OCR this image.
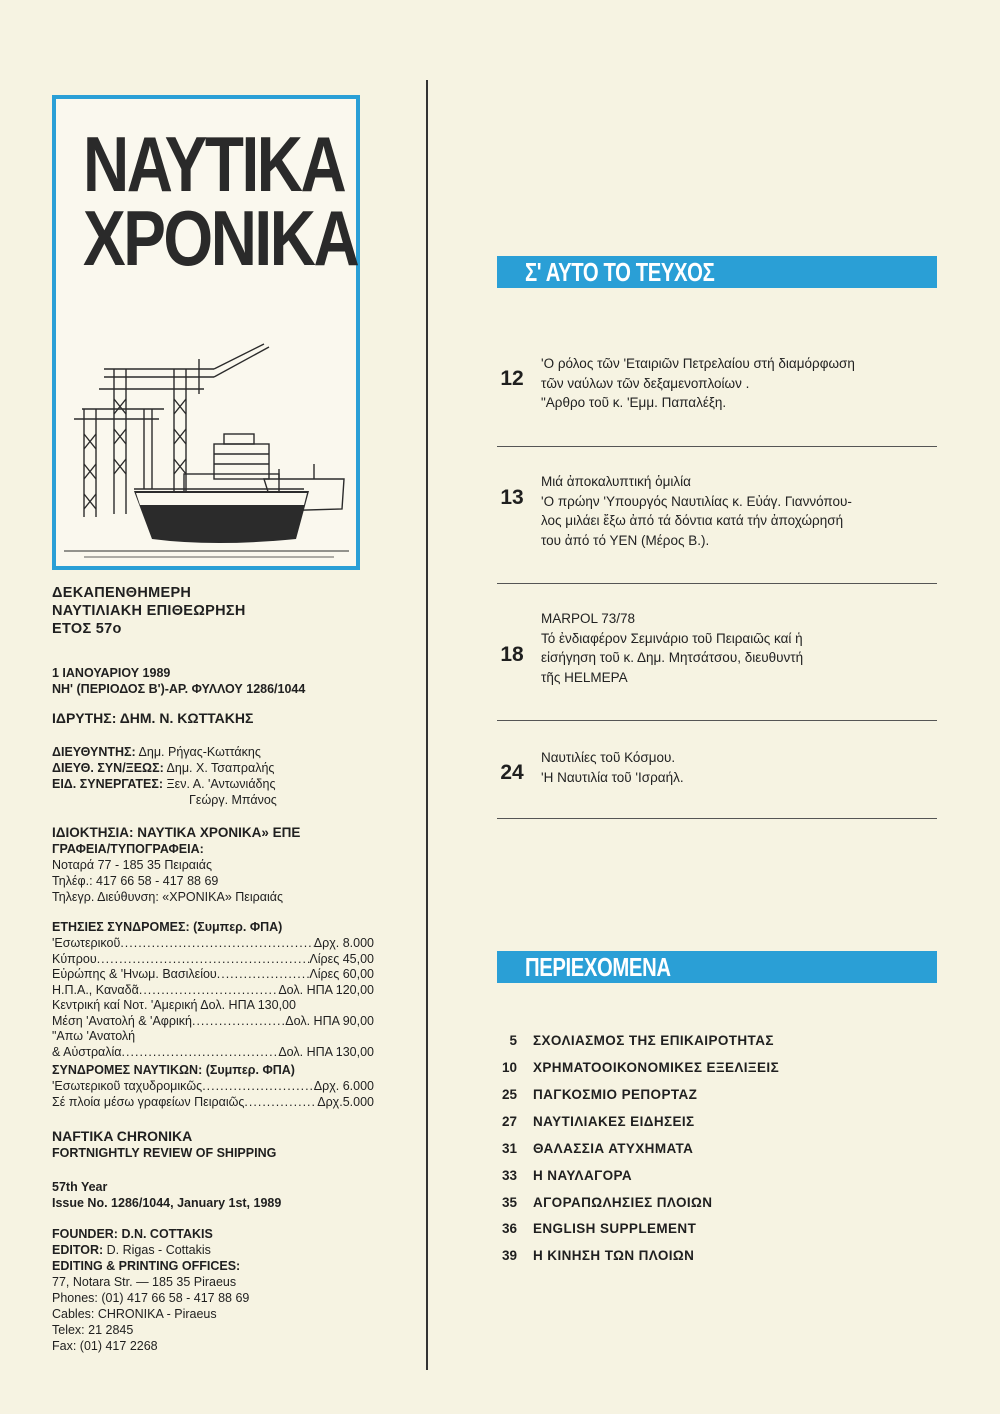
ΝΑΥΤΙΚΑ
ΧΡΟΝΙΚΑ
ΔΕΚΑΠΕΝΘΗΜΕΡΗ
ΝΑΥΤΙΛΙΑΚΗ ΕΠΙΘΕΩΡΗΣΗ
ΕΤΟΣ 57ο
1 ΙΑΝΟΥΑΡΙΟΥ 1989
ΝΗ' (ΠΕΡΙΟΔΟΣ Β')-ΑΡ. ΦΥΛΛΟΥ 1286/1044
ΙΔΡΥΤΗΣ: ΔΗΜ. Ν. ΚΩΤΤΑΚΗΣ
ΔΙΕΥΘΥΝΤΗΣ: Δημ. Ρήγας-Κωττάκης
ΔΙΕΥΘ. ΣΥΝ/ΞΕΩΣ: Δημ. Χ. Τσαπραλής
ΕΙΔ. ΣΥΝΕΡΓΑΤΕΣ: Ξεν. Α. 'Αντωνιάδης
Γεώργ. Μπάνος
ΙΔΙΟΚΤΗΣΙΑ: ΝΑΥΤΙΚΑ ΧΡΟΝΙΚΑ» ΕΠΕ
ΓΡΑΦΕΙΑ/ΤΥΠΟΓΡΑΦΕΙΑ:
Νοταρά 77 - 185 35 Πειραιάς
Τηλέφ.: 417 66 58 - 417 88 69
Τηλεγρ. Διεύθυνση: «ΧΡΟΝΙΚΑ» Πειραιάς
ΕΤΗΣΙΕΣ ΣΥΝΔΡΟΜΕΣ: (Συμπερ. ΦΠΑ)
'Εσωτερικοῦ .....	Δρχ. 8.000
Κύπρου .....	Λίρες 45,00
Εὐρώπης & 'Ηνωμ. Βασιλείου .....	Λίρες 60,00
Η.Π.Α., Καναδᾶ .....	Δολ. ΗΠΑ 120,00
Κεντρική καί Νοτ. 'Αμερική Δολ. ΗΠΑ 130,00
Μέση 'Ανατολή & 'Αφρική .....	Δολ. ΗΠΑ 90,00
"Απω 'Ανατολή
& Αὐστραλία .....	Δολ. ΗΠΑ 130,00
ΣΥΝΔΡΟΜΕΣ ΝΑΥΤΙΚΩΝ: (Συμπερ. ΦΠΑ)
'Εσωτερικοῦ ταχυδρομικῶς .....	Δρχ. 6.000
Σέ πλοία μέσω γραφείων Πειραιῶς .....	Δρχ.5.000
NAFTIKA CHRONIKA
FORTNIGHTLY REVIEW OF SHIPPING
57th Year
Issue No. 1286/1044, January 1st, 1989
FOUNDER: D.N. COTTAKIS
EDITOR: D. Rigas - Cottakis
EDITING & PRINTING OFFICES:
77, Notara Str. — 185 35 Piraeus
Phones: (01) 417 66 58 - 417 88 69
Cables: CHRONIKA - Piraeus
Telex: 21 2845
Fax: (01) 417 2268
Σ' ΑΥΤΟ ΤΟ ΤΕΥΧΟΣ
12
'Ο ρόλος τῶν 'Εταιριῶν Πετρελαίου στή διαμόρφωση
τῶν ναύλων τῶν δεξαμενοπλοίων .
"Αρθρο τοῦ κ. 'Εμμ. Παπαλέξη.
13
Μιά ἀποκαλυπτική ὁμιλία
'Ο πρώην 'Υπουργός Ναυτιλίας κ. Εὐάγ. Γιαννόπου-
λος μιλάει ἔξω ἀπό τά δόντια κατά τήν ἀποχώρησή
του ἀπό τό ΥΕΝ (Μέρος Β.).
18
MARPOL 73/78
Τό ἐνδιαφέρον Σεμινάριο τοῦ Πειραιῶς καί ἡ
εἰσήγηση τοῦ κ. Δημ. Μητσάτσου, διευθυντή
τῆς HELMEPA
24
Ναυτιλίες τοῦ Κόσμου.
'Η Ναυτιλία τοῦ 'Ισραήλ.
ΠΕΡΙΕΧΟΜΕΝΑ
5 ΣΧΟΛΙΑΣΜΟΣ ΤΗΣ ΕΠΙΚΑΙΡΟΤΗΤΑΣ
10 ΧΡΗΜΑΤΟΟΙΚΟΝΟΜΙΚΕΣ ΕΞΕΛΙΞΕΙΣ
25 ΠΑΓΚΟΣΜΙΟ ΡΕΠΟΡΤΑΖ
27 ΝΑΥΤΙΛΙΑΚΕΣ ΕΙΔΗΣΕΙΣ
31 ΘΑΛΑΣΣΙΑ ΑΤΥΧΗΜΑΤΑ
33 Η ΝΑΥΛΑΓΟΡΑ
35 ΑΓΟΡΑΠΩΛΗΣΙΕΣ ΠΛΟΙΩΝ
36 ENGLISH SUPPLEMENT
39 Η ΚΙΝΗΣΗ ΤΩΝ ΠΛΟΙΩΝ
